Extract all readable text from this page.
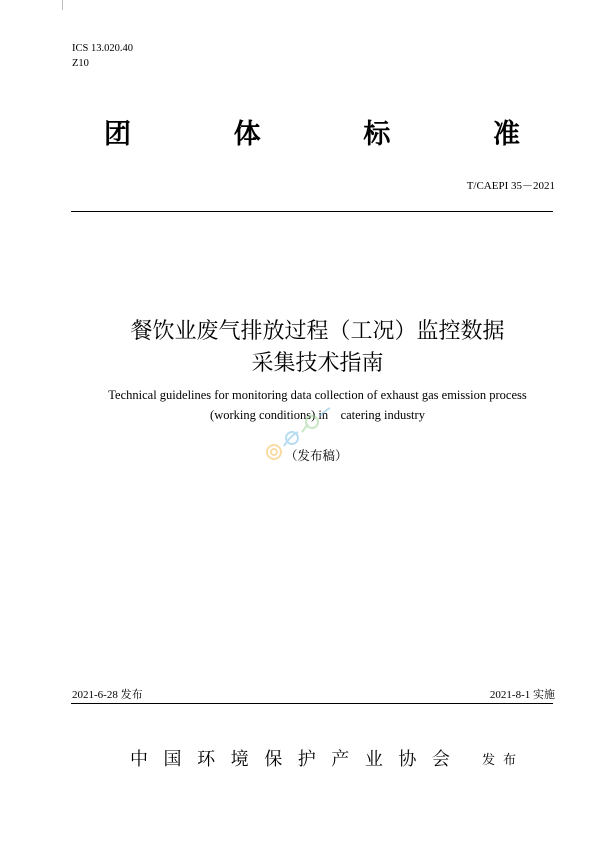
ICS 13.020.40
Z10
团	体	标	准
T/CAEPI 35－2021
餐饮业废气排放过程（工况）监控数据
采集技术指南
Technical guidelines for monitoring data collection of exhaust gas emission process
(working conditions) in    catering industry
（发布稿）
2021-6-28 发布	2021-8-1 实施
中 国 环 境 保 护 产 业 协 会 发 布
